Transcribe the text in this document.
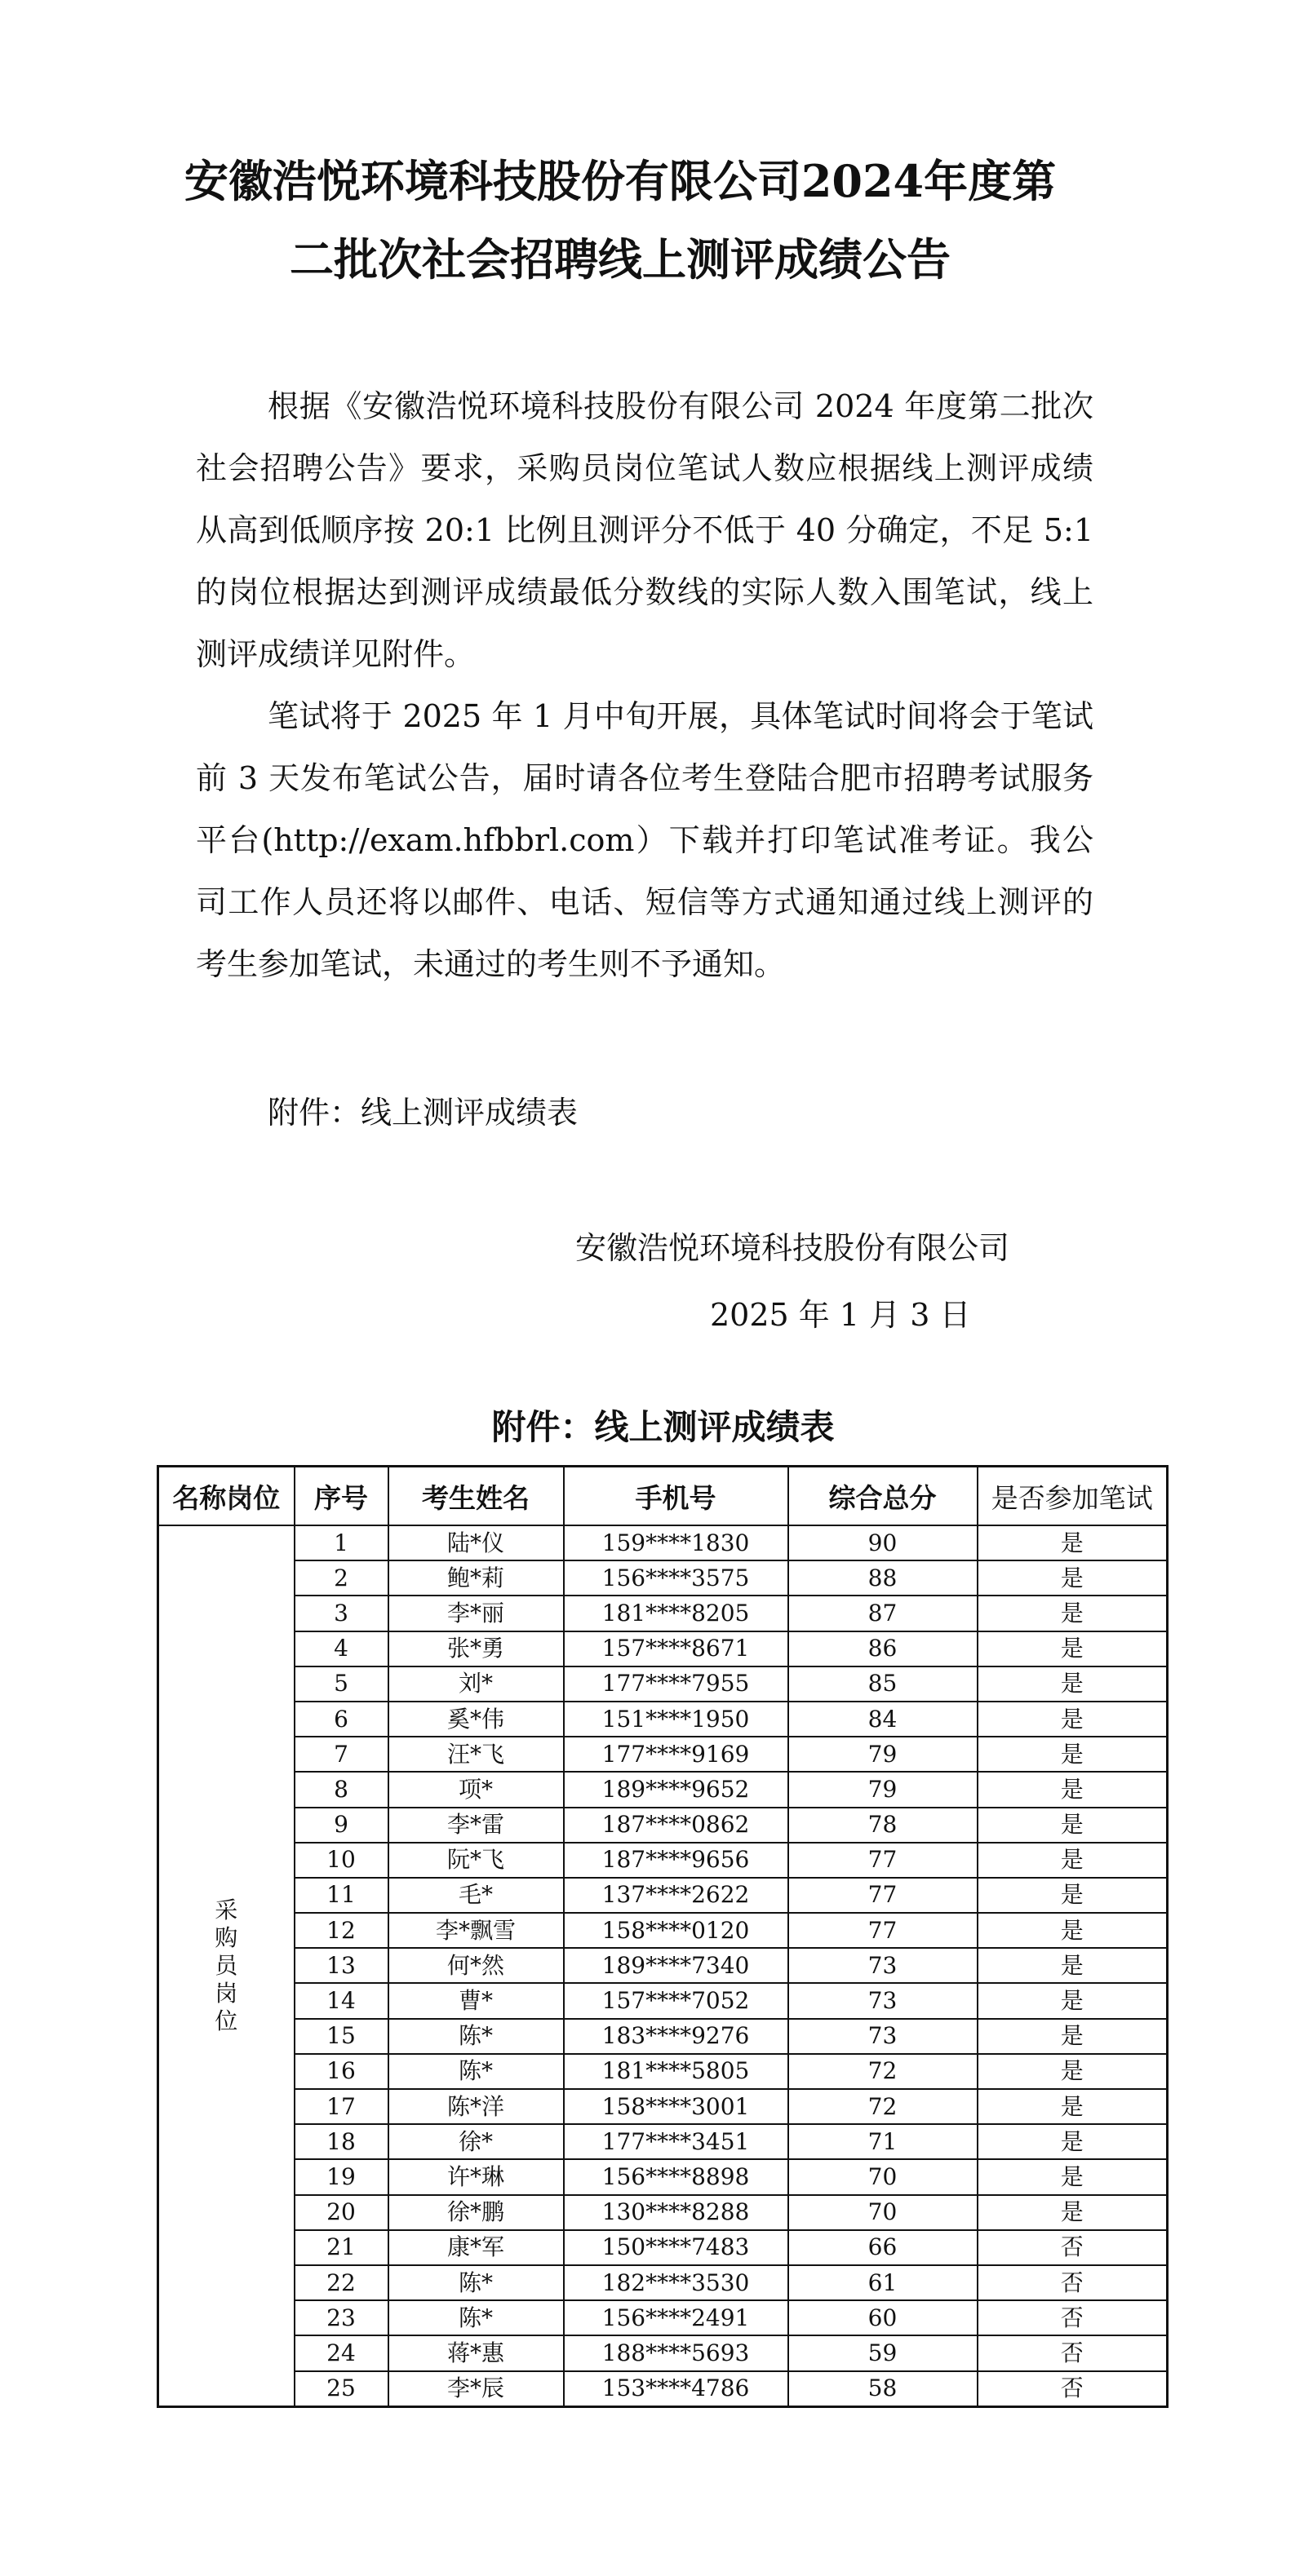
安徽浩悦环境科技股份有限公司2024年度第
二批次社会招聘线上测评成绩公告

根据《安徽浩悦环境科技股份有限公司 2024 年度第二批次社会招聘公告》要求，采购员岗位笔试人数应根据线上测评成绩从高到低顺序按 20:1 比例且测评分不低于 40 分确定，不足 5:1 的岗位根据达到测评成绩最低分数线的实际人数入围笔试，线上测评成绩详见附件。

笔试将于 2025 年 1 月中旬开展，具体笔试时间将会于笔试前 3 天发布笔试公告，届时请各位考生登陆合肥市招聘考试服务平台(http://exam.hfbbrl.com）下载并打印笔试准考证。我公司工作人员还将以邮件、电话、短信等方式通知通过线上测评的考生参加笔试，未通过的考生则不予通知。

附件：线上测评成绩表

安徽浩悦环境科技股份有限公司

2025 年 1 月 3 日

附件：线上测评成绩表
名称岗位	序号	考生姓名	手机号	综合总分	是否参加笔试
采购员岗位	1	陆*仪	159****1830	90	是
	2	鲍*莉	156****3575	88	是
	3	李*丽	181****8205	87	是
	4	张*勇	157****8671	86	是
	5	刘*	177****7955	85	是
	6	奚*伟	151****1950	84	是
	7	汪*飞	177****9169	79	是
	8	项*	189****9652	79	是
	9	李*雷	187****0862	78	是
	10	阮*飞	187****9656	77	是
	11	毛*	137****2622	77	是
	12	李*飘雪	158****0120	77	是
	13	何*然	189****7340	73	是
	14	曹*	157****7052	73	是
	15	陈*	183****9276	73	是
	16	陈*	181****5805	72	是
	17	陈*洋	158****3001	72	是
	18	徐*	177****3451	71	是
	19	许*琳	156****8898	70	是
	20	徐*鹏	130****8288	70	是
	21	康*军	150****7483	66	否
	22	陈*	182****3530	61	否
	23	陈*	156****2491	60	否
	24	蒋*惠	188****5693	59	否
	25	李*辰	153****4786	58	否
